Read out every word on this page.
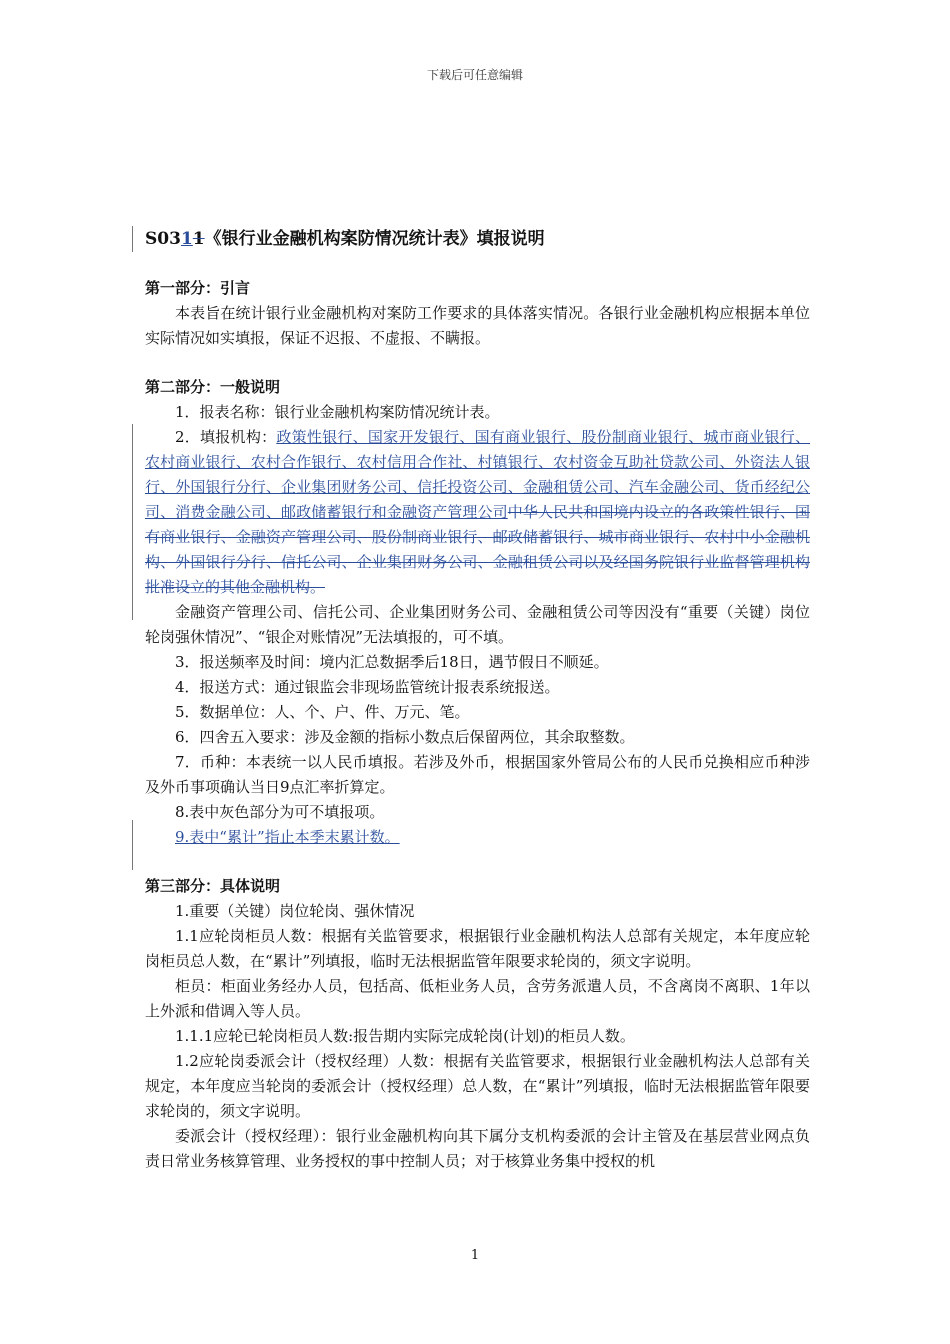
下载后可任意编辑
S0311《银行业金融机构案防情况统计表》填报说明

第一部分：引言

本表旨在统计银行业金融机构对案防工作要求的具体落实情况。各银行业金融机构应根据本单位实际情况如实填报，保证不迟报、不虚报、不瞒报。

第二部分：一般说明

1．报表名称：银行业金融机构案防情况统计表。

2．填报机构：政策性银行、国家开发银行、国有商业银行、股份制商业银行、城市商业银行、农村商业银行、农村合作银行、农村信用合作社、村镇银行、农村资金互助社贷款公司、外资法人银行、外国银行分行、企业集团财务公司、信托投资公司、金融租赁公司、汽车金融公司、货币经纪公司、消费金融公司、邮政储蓄银行和金融资产管理公司中华人民共和国境内设立的各政策性银行、国有商业银行、金融资产管理公司、股份制商业银行、邮政储蓄银行、城市商业银行、农村中小金融机构、外国银行分行、信托公司、企业集团财务公司、金融租赁公司以及经国务院银行业监督管理机构批准设立的其他金融机构。

金融资产管理公司、信托公司、企业集团财务公司、金融租赁公司等因没有“重要（关键）岗位轮岗强休情况”、“银企对账情况”无法填报的，可不填。

3．报送频率及时间：境内汇总数据季后18日，遇节假日不顺延。

4．报送方式：通过银监会非现场监管统计报表系统报送。

5．数据单位：人、个、户、件、万元、笔。

6．四舍五入要求：涉及金额的指标小数点后保留两位，其余取整数。

7．币种：本表统一以人民币填报。若涉及外币，根据国家外管局公布的人民币兑换相应币种涉及外币事项确认当日9点汇率折算定。

8.表中灰色部分为可不填报项。

9.表中“累计”指止本季末累计数。

第三部分：具体说明

1.重要（关键）岗位轮岗、强休情况

1.1应轮岗柜员人数：根据有关监管要求，根据银行业金融机构法人总部有关规定，本年度应轮岗柜员总人数，在“累计”列填报，临时无法根据监管年限要求轮岗的，须文字说明。

柜员：柜面业务经办人员，包括高、低柜业务人员，含劳务派遣人员，不含离岗不离职、1年以上外派和借调入等人员。

1.1.1应轮已轮岗柜员人数:报告期内实际完成轮岗(计划)的柜员人数。

1.2应轮岗委派会计（授权经理）人数：根据有关监管要求，根据银行业金融机构法人总部有关规定，本年度应当轮岗的委派会计（授权经理）总人数，在“累计”列填报，临时无法根据监管年限要求轮岗的，须文字说明。

委派会计（授权经理）：银行业金融机构向其下属分支机构委派的会计主管及在基层营业网点负责日常业务核算管理、业务授权的事中控制人员；对于核算业务集中授权的机

1
